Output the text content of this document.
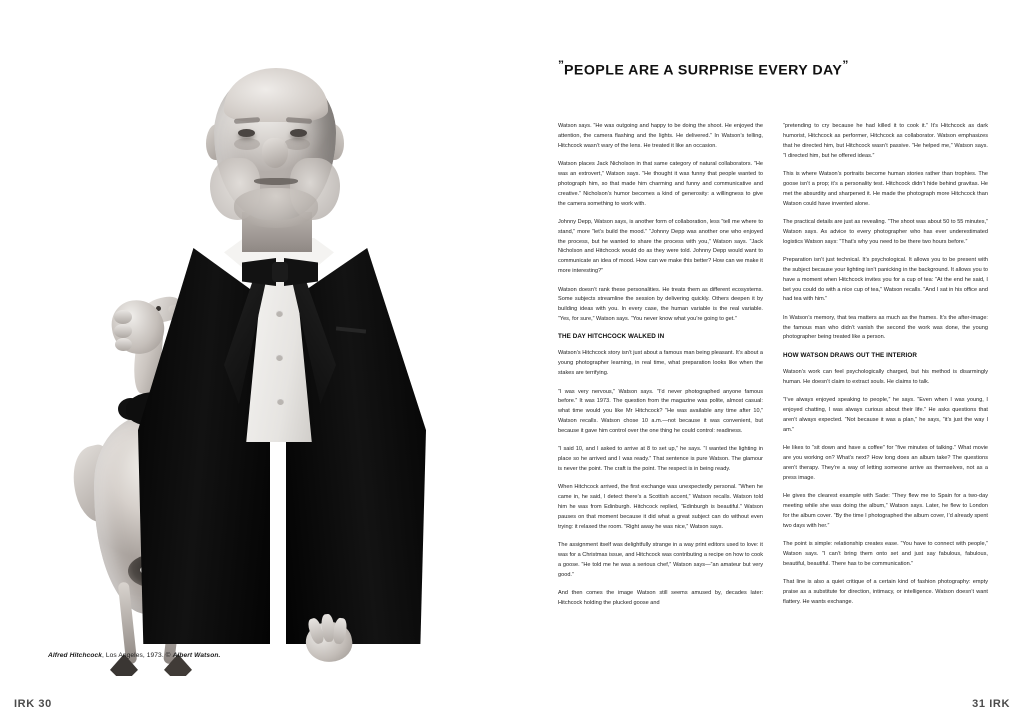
Alfred Hitchcock, Los Angeles, 1973. © Albert Watson.
IRK 30
”PEOPLE ARE A SURPRISE EVERY DAY”

Watson says. “He was outgoing and happy to be doing the shoot. He enjoyed the attention, the camera flashing and the lights. He delivered.” In Watson’s telling, Hitchcock wasn’t wary of the lens. He treated it like an occasion.

Watson places Jack Nicholson in that same category of natural collaborators. “He was an extrovert,” Watson says. “He thought it was funny that people wanted to photograph him, so that made him charming and funny and communicative and creative.” Nicholson’s humor becomes a kind of generosity: a willingness to give the camera something to work with.

Johnny Depp, Watson says, is another form of collaboration, less “tell me where to stand,” more “let’s build the mood.” “Johnny Depp was another one who enjoyed the process, but he wanted to share the process with you,” Watson says. “Jack Nicholson and Hitchcock would do as they were told. Johnny Depp would want to communicate an idea of mood. How can we make this better? How can we make it more interesting?”

Watson doesn’t rank these personalities. He treats them as different ecosystems. Some subjects streamline the session by delivering quickly. Others deepen it by building ideas with you. In every case, the human variable is the real variable. “Yes, for sure,” Watson says. “You never know what you’re going to get.”

THE DAY HITCHCOCK WALKED IN

Watson’s Hitchcock story isn’t just about a famous man being pleasant. It’s about a young photographer learning, in real time, what preparation looks like when the stakes are terrifying.

“I was very nervous,” Watson says. “I’d never photographed anyone famous before.” It was 1973. The question from the magazine was polite, almost casual: what time would you like Mr Hitchcock? “He was available any time after 10,” Watson recalls. Watson chose 10 a.m.—not because it was convenient, but because it gave him control over the one thing he could control: readiness.

“I said 10, and I asked to arrive at 8 to set up,” he says. “I wanted the lighting in place so he arrived and I was ready.” That sentence is pure Watson. The glamour is never the point. The craft is the point. The respect is in being ready.

When Hitchcock arrived, the first exchange was unexpectedly personal. “When he came in, he said, I detect there’s a Scottish accent,” Watson recalls. Watson told him he was from Edinburgh. Hitchcock replied, “Edinburgh is beautiful.” Watson pauses on that moment because it did what a great subject can do without even trying: it relaxed the room. “Right away he was nice,” Watson says.

The assignment itself was delightfully strange in a way print editors used to love: it was for a Christmas issue, and Hitchcock was contributing a recipe on how to cook a goose. “He told me he was a serious chef,” Watson says—“an amateur but very good.”

And then comes the image Watson still seems amused by, decades later: Hitchcock holding the plucked goose and

“pretending to cry because he had killed it to cook it.” It’s Hitchcock as dark humorist, Hitchcock as performer, Hitchcock as collaborator. Watson emphasizes that he directed him, but Hitchcock wasn’t passive. “He helped me,” Watson says. “I directed him, but he offered ideas.”

This is where Watson’s portraits become human stories rather than trophies. The goose isn’t a prop; it’s a personality test. Hitchcock didn’t hide behind gravitas. He met the absurdity and sharpened it. He made the photograph more Hitchcock than Watson could have invented alone.

The practical details are just as revealing. “The shoot was about 50 to 55 minutes,” Watson says. As advice to every photographer who has ever underestimated logistics Watson says: “That’s why you need to be there two hours before.”

Preparation isn’t just technical. It’s psychological. It allows you to be present with the subject because your lighting isn’t panicking in the background. It allows you to have a moment when Hitchcock invites you for a cup of tea: “At the end he said, I bet you could do with a nice cup of tea,” Watson recalls. “And I sat in his office and had tea with him.”

In Watson’s memory, that tea matters as much as the frames. It’s the after-image: the famous man who didn’t vanish the second the work was done, the young photographer being treated like a person.

HOW WATSON DRAWS OUT THE INTERIOR

Watson’s work can feel psychologically charged, but his method is disarmingly human. He doesn’t claim to extract souls. He claims to talk.

“I’ve always enjoyed speaking to people,” he says. “Even when I was young, I enjoyed chatting, I was always curious about their life.” He asks questions that aren’t always expected. “Not because it was a plan,” he says, “it’s just the way I am.”

He likes to “sit down and have a coffee” for “five minutes of talking.” What movie are you working on? What’s next? How long does an album take? The questions aren’t therapy. They’re a way of letting someone arrive as themselves, not as a press image.

He gives the clearest example with Sade: “They flew me to Spain for a two-day meeting while she was doing the album,” Watson says. Later, he flew to London for the album cover. “By the time I photographed the album cover, I’d already spent two days with her.”

The point is simple: relationship creates ease. “You have to connect with people,” Watson says. “I can’t bring them onto set and just say fabulous, fabulous, beautiful, beautiful. There has to be communication.”

That line is also a quiet critique of a certain kind of fashion photography: empty praise as a substitute for direction, intimacy, or intelligence. Watson doesn’t want flattery. He wants exchange.

31 IRK
